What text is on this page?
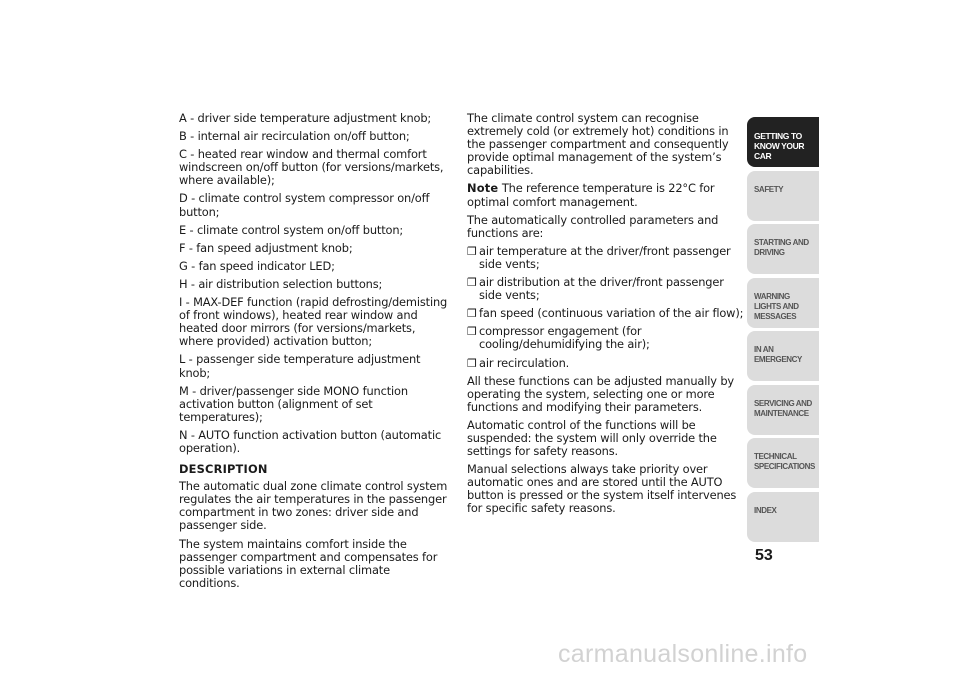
A - driver side temperature adjustment knob;

B - internal air recirculation on/off button;

C - heated rear window and thermal comfort windscreen on/off button (for versions/markets, where available);

D - climate control system compressor on/off button;

E - climate control system on/off button;

F - fan speed adjustment knob;

G - fan speed indicator LED;

H - air distribution selection buttons;

I - MAX-DEF function (rapid defrosting/demisting of front windows), heated rear window and heated door mirrors (for versions/markets, where provided) activation button;

L - passenger side temperature adjustment knob;

M - driver/passenger side MONO function activation button (alignment of set temperatures);

N - AUTO function activation button (automatic operation).

DESCRIPTION

The automatic dual zone climate control system regulates the air temperatures in the passenger compartment in two zones: driver side and passenger side.

The system maintains comfort inside the passenger compartment and compensates for possible variations in external climate conditions.

The climate control system can recognise extremely cold (or extremely hot) conditions in the passenger compartment and consequently provide optimal management of the system’s capabilities.

Note The reference temperature is 22°C for optimal comfort management.

The automatically controlled parameters and functions are:

❒ air temperature at the driver/front passenger side vents;
❒ air distribution at the driver/front passenger side vents;
❒ fan speed (continuous variation of the air flow);
❒ compressor engagement (for cooling/dehumidifying the air);
❒ air recirculation.

All these functions can be adjusted manually by operating the system, selecting one or more functions and modifying their parameters.

Automatic control of the functions will be suspended: the system will only override the settings for safety reasons.

Manual selections always take priority over automatic ones and are stored until the AUTO button is pressed or the system itself intervenes for specific safety reasons.

GETTING TO KNOW YOUR CAR
SAFETY
STARTING AND DRIVING
WARNING LIGHTS AND MESSAGES
IN AN EMERGENCY
SERVICING AND MAINTENANCE
TECHNICAL SPECIFICATIONS
INDEX
53
carmanualsonline.info
